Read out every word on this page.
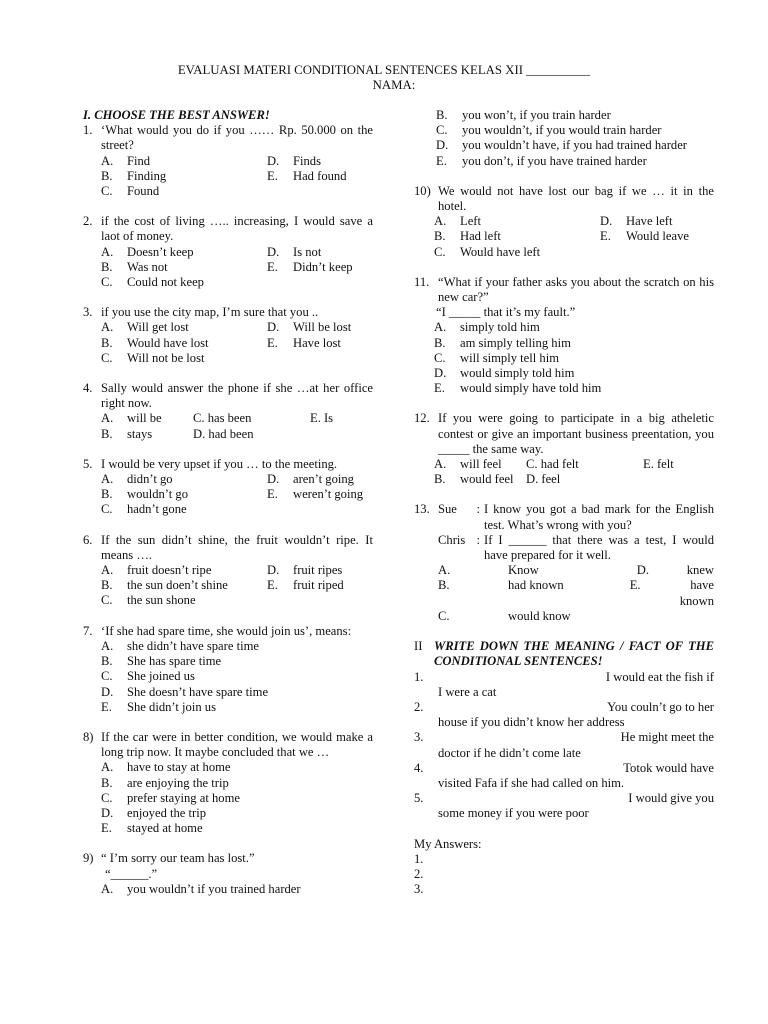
EVALUASI MATERI CONDITIONAL SENTENCES KELAS XII __________
NAMA:
I. CHOOSE THE BEST ANSWER!
1. ‘What would you do if you …… Rp. 50.000 on the street?
A.	Find	D.	Finds
B.	Finding	E.	Had found
C.	Found
2. if the cost of living ….. increasing, I would save a laot of money.
A.	Doesn’t keep	D.	Is not
B.	Was not	E.	Didn’t keep
C.	Could not keep
3. if you use the city map, I’m sure that you ..
A.	Will get lost	D.	Will be lost
B.	Would have lost	E.	Have lost
C.	Will not be lost
4. Sally would answer the phone if she …at her office right now.
A.	will be C. has been	E. Is
B.	stays	D. had been
5. I would be very upset if you … to the meeting.
A.	didn’t go	D.	aren’t going
B.	wouldn’t go	E.	weren’t going
C.	hadn’t gone
6. If the sun didn’t shine, the fruit wouldn’t ripe. It means ….
A.	fruit doesn’t ripe	D.	fruit ripes
B.	the sun doen’t shine	E.	fruit riped
C.	the sun shone
7. ‘If she had spare time, she would join us’, means:
A.	she didn’t have spare time
B.	She has spare time
C.	She joined us
D.	She doesn’t have spare time
E.	She didn’t join us
8) If the car were in better condition, we would make a long trip now. It maybe concluded that we …
A.	have to stay at home
B.	are enjoying the trip
C.	prefer staying at home
D.	enjoyed the trip
E.	stayed at home
9) “ I’m sorry our team has lost.”
“______.”
A.	you wouldn’t if you trained harder
B.	you won’t, if you train harder
C.	you wouldn’t, if you would train harder
D.	you wouldn’t have, if you had trained harder
E.	you don’t, if you have trained harder
10) We would not have lost our bag if we … it in the hotel.
A.	Left	D.	Have left
B.	Had left	E.	Would leave
C.	Would have left
11. “What if your father asks you about the scratch on his new car?”
“I _____ that it’s my fault.”
A.	simply told him
B.	am simply telling him
C.	will simply tell him
D.	would simply told him
E.	would simply have told him
12. If you were going to participate in a big atheletic contest or give an important business preentation, you _____ the same way.
A.	will feel C. had felt	E. felt
B.	would feel D. feel
13. Sue	: I know you got a bad mark for the English test. What’s wrong with you?
Chris : If I ______ that there was a test, I would have prepared for it well.
A.	Know	D.	knew
B.	had known	E.	have known
C.	would know
II WRITE DOWN THE MEANING / FACT OF THE CONDITIONAL SENTENCES!
1.	I would eat the fish if
I were a cat
2.	You couln’t go to her
house if you didn’t know her address
3.	He might meet the
doctor if he didn’t come late
4.	Totok would have
visited Fafa if she had called on him.
5.	I would give you
some money if you were poor
My Answers:
1.
2.
3.
